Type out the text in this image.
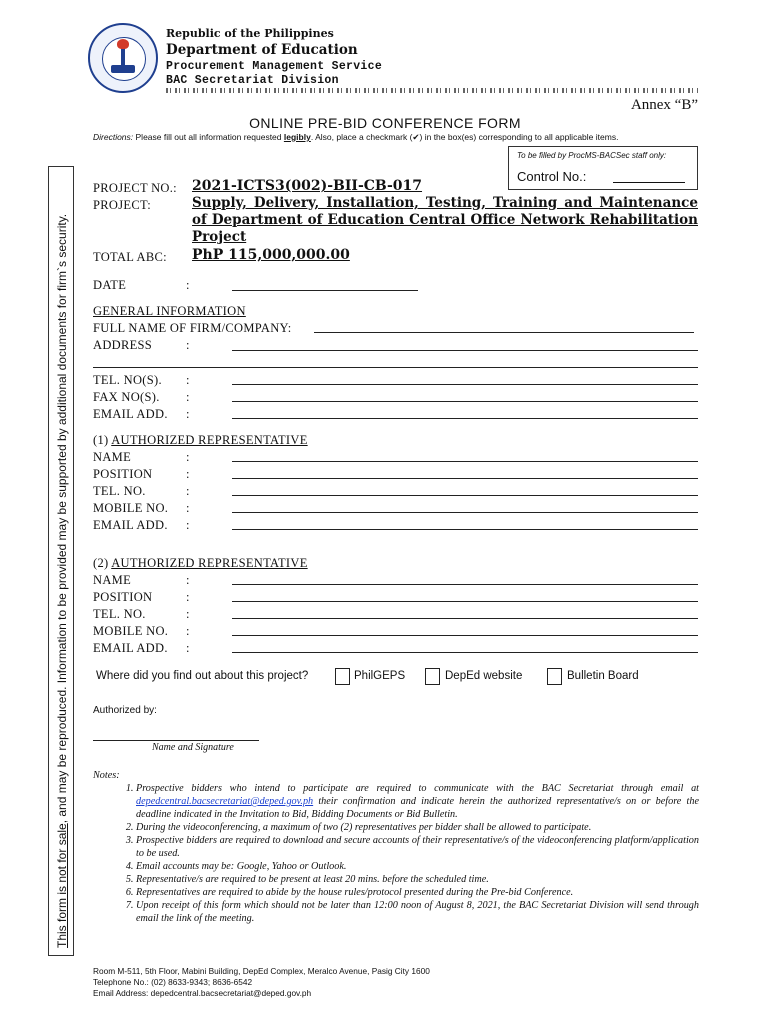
Republic of the Philippines
Department of Education
Procurement Management Service
BAC Secretariat Division
Annex “B”
This form is not for sale, and may be reproduced. Information to be provided may be supported by additional documents for firm`s security.
ONLINE PRE-BID CONFERENCE FORM
Directions: Please fill out all information requested legibly. Also, place a checkmark (✔) in the box(es) corresponding to all applicable items.
To be filled by ProcMS-BACSec staff only:
Control No.:
PROJECT NO.: 2021-ICTS3(002)-BII-CB-017
PROJECT:	Supply, Delivery, Installation, Testing, Training and Maintenance of Department of Education Central Office Network Rehabilitation Project
TOTAL ABC: PhP 115,000,000.00
DATE	:
GENERAL INFORMATION
FULL NAME OF FIRM/COMPANY:
ADDRESS	:
TEL. NO(S). :
FAX NO(S). :
EMAIL ADD. :
(1) AUTHORIZED REPRESENTATIVE
NAME	:
POSITION	:
TEL. NO.	:
MOBILE NO. :
EMAIL ADD. :
(2) AUTHORIZED REPRESENTATIVE
NAME	:
POSITION	:
TEL. NO.	:
MOBILE NO. :
EMAIL ADD. :
Where did you find out about this project?	PhilGEPS	DepEd website	Bulletin Board
Authorized by:
Name and Signature
Notes:
1. Prospective bidders who intend to participate are required to communicate with the BAC Secretariat through email at depedcentral.bacsecretariat@deped.gov.ph their confirmation and indicate herein the authorized representative/s on or before the deadline indicated in the Invitation to Bid, Bidding Documents or Bid Bulletin.
2. During the videoconferencing, a maximum of two (2) representatives per bidder shall be allowed to participate.
3. Prospective bidders are required to download and secure accounts of their representative/s of the videoconferencing platform/application to be used.
4. Email accounts may be: Google, Yahoo or Outlook.
5. Representative/s are required to be present at least 20 mins. before the scheduled time.
6. Representatives are required to abide by the house rules/protocol presented during the Pre-bid Conference.
7. Upon receipt of this form which should not be later than 12:00 noon of August 8, 2021, the BAC Secretariat Division will send through email the link of the meeting.
Room M-511, 5th Floor, Mabini Building, DepEd Complex, Meralco Avenue, Pasig City 1600
Telephone No.: (02) 8633-9343; 8636-6542
Email Address: depedcentral.bacsecretariat@deped.gov.ph
